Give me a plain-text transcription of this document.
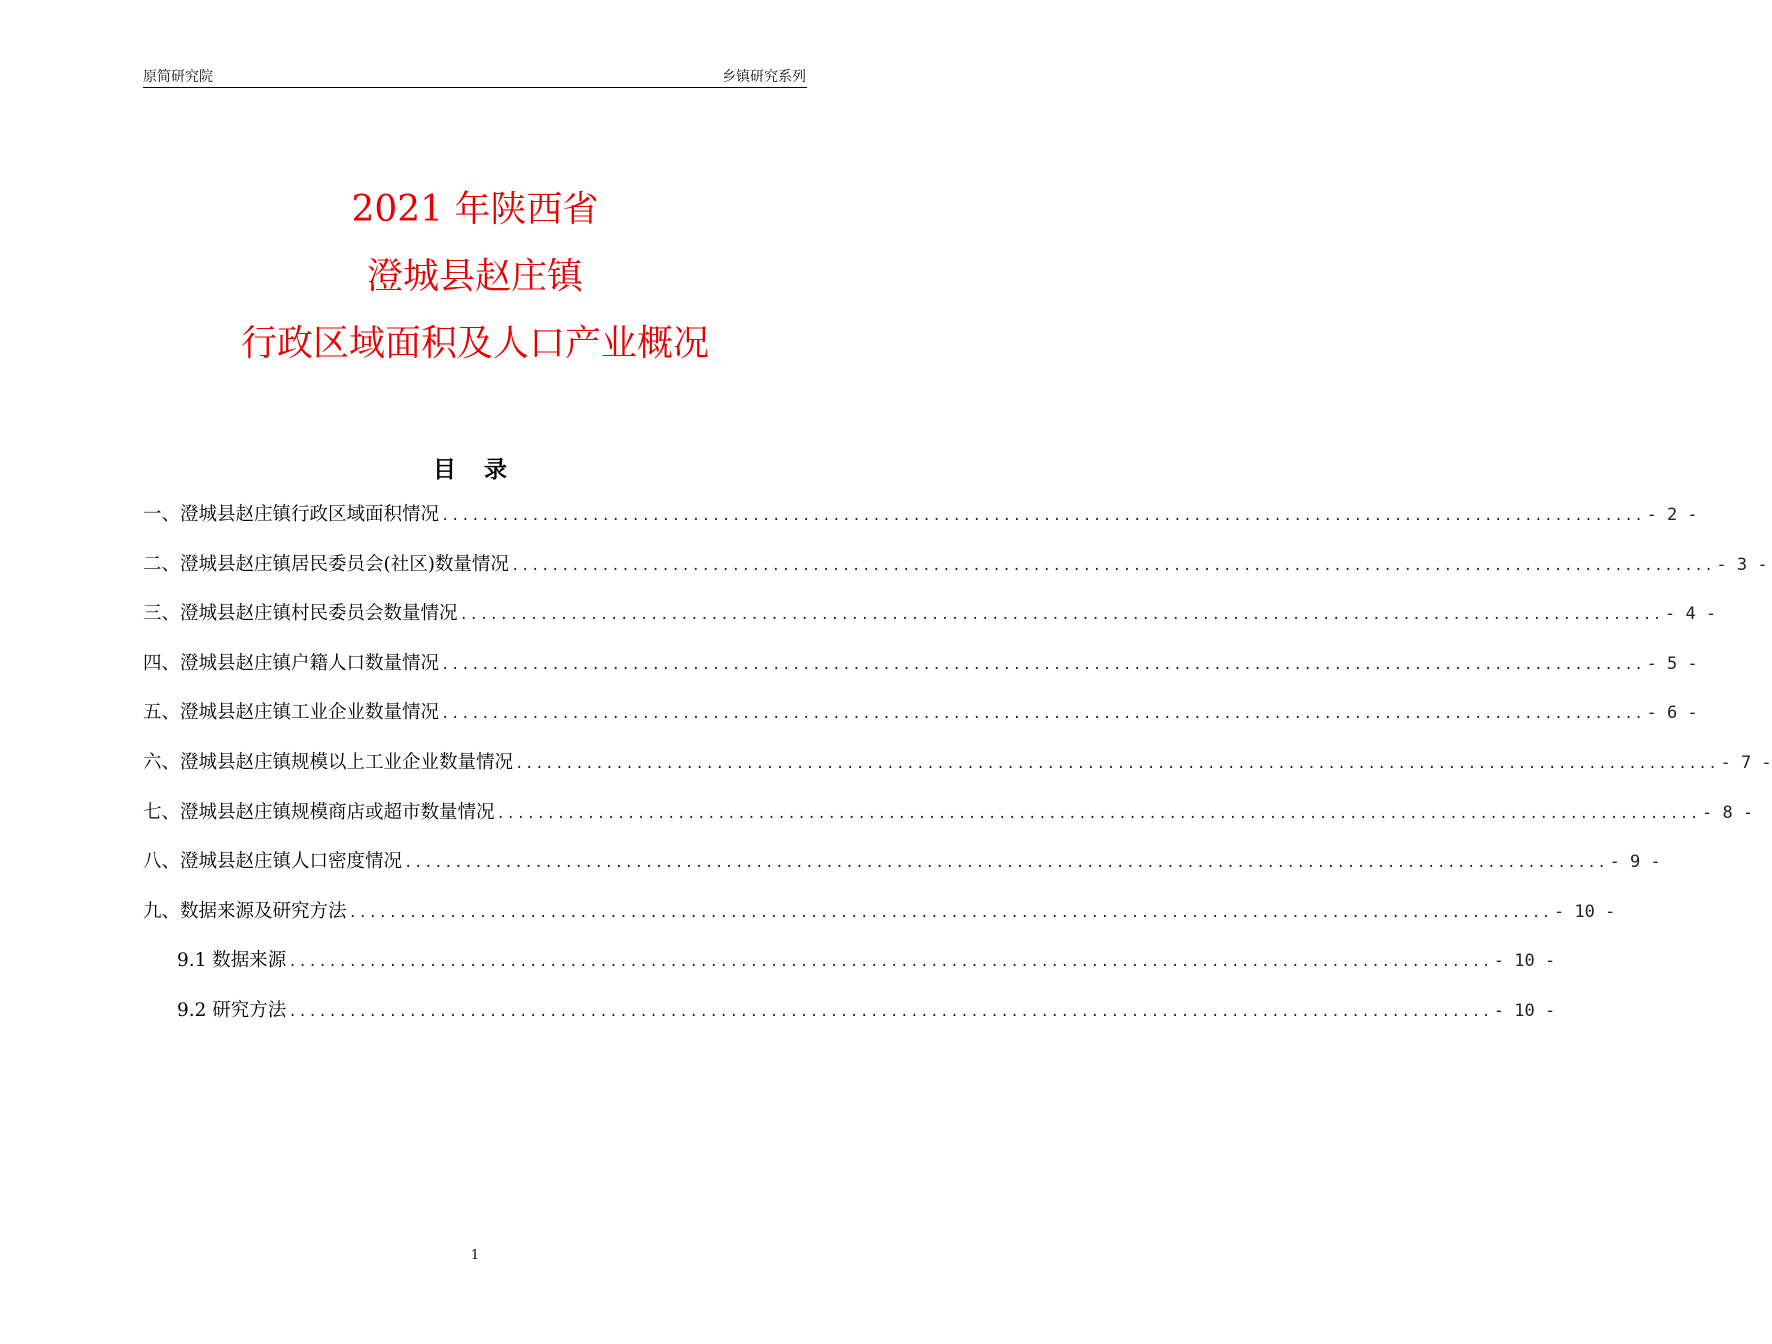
原简研究院	乡镇研究系列
2021 年陕西省
澄城县赵庄镇
行政区域面积及人口产业概况
目 录
一、澄城县赵庄镇行政区域面积情况 ........................................................................................................................ - 2 -
二、澄城县赵庄镇居民委员会(社区)数量情况 ........................................................................................................................ - 3 -
三、澄城县赵庄镇村民委员会数量情况 ........................................................................................................................ - 4 -
四、澄城县赵庄镇户籍人口数量情况 ........................................................................................................................ - 5 -
五、澄城县赵庄镇工业企业数量情况 ........................................................................................................................ - 6 -
六、澄城县赵庄镇规模以上工业企业数量情况 ........................................................................................................................ - 7 -
七、澄城县赵庄镇规模商店或超市数量情况 ........................................................................................................................ - 8 -
八、澄城县赵庄镇人口密度情况 ........................................................................................................................ - 9 -
九、数据来源及研究方法 ........................................................................................................................ - 10 -
9.1 数据来源 ........................................................................................................................ - 10 -
9.2 研究方法 ........................................................................................................................ - 10 -
1
